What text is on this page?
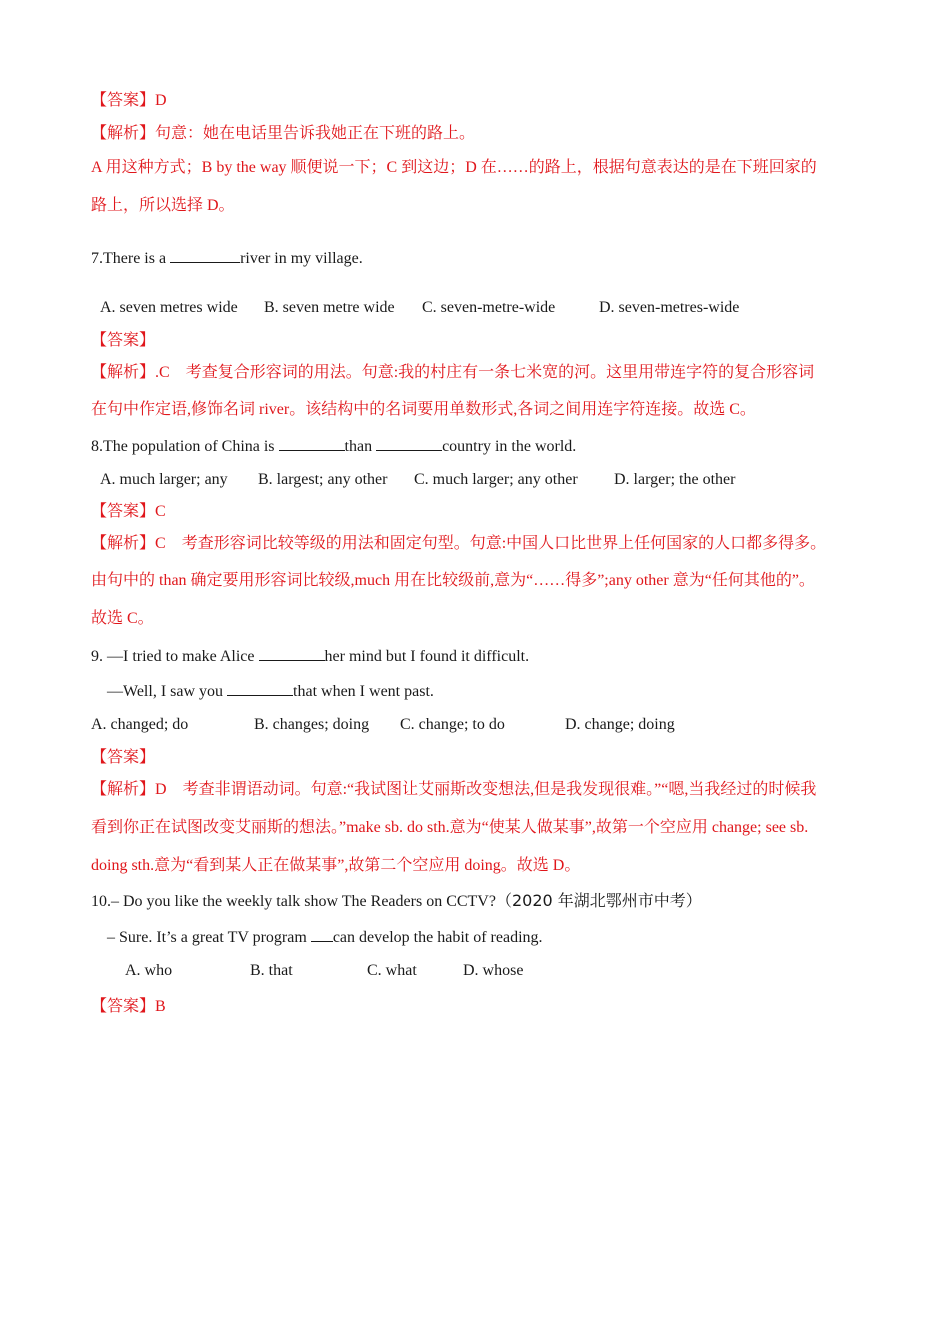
【答案】D
【解析】句意：她在电话里告诉我她正在下班的路上。
A 用这种方式；B by the way 顺便说一下；C 到这边；D 在……的路上，根据句意表达的是在下班回家的
路上，所以选择 D。
7.There is a	river in my village.
A. seven metres wide B. seven metre wide C. seven-metre-wide	D. seven-metres-wide
【答案】
【解析】.C　考查复合形容词的用法。句意:我的村庄有一条七米宽的河。这里用带连字符的复合形容词
在句中作定语,修饰名词 river。该结构中的名词要用单数形式,各词之间用连字符连接。故选 C。
8.The population of China is	than	country in the world.
A. much larger; any B. largest; any other C. much larger; any other D. larger; the other
【答案】C
【解析】C　考查形容词比较等级的用法和固定句型。句意:中国人口比世界上任何国家的人口都多得多。
由句中的 than 确定要用形容词比较级,much 用在比较级前,意为“……得多”;any other 意为“任何其他的”。
故选 C。
9. —I tried to make Alice	her mind but I found it difficult.
—Well, I saw you	that when I went past.
A. changed; do	B. changes; doing C. change; to do	D. change; doing
【答案】
【解析】D　考查非谓语动词。句意:“我试图让艾丽斯改变想法,但是我发现很难。”“嗯,当我经过的时候我
看到你正在试图改变艾丽斯的想法。”make sb. do sth.意为“使某人做某事”,故第一个空应用 change; see sb.
doing sth.意为“看到某人正在做某事”,故第二个空应用 doing。故选 D。
10.– Do you like the weekly talk show The Readers on CCTV?（2020 年湖北鄂州市中考）
– Sure. It’s a great TV program can develop the habit of reading.
A. who	B. that	C. what	D. whose
【答案】B
